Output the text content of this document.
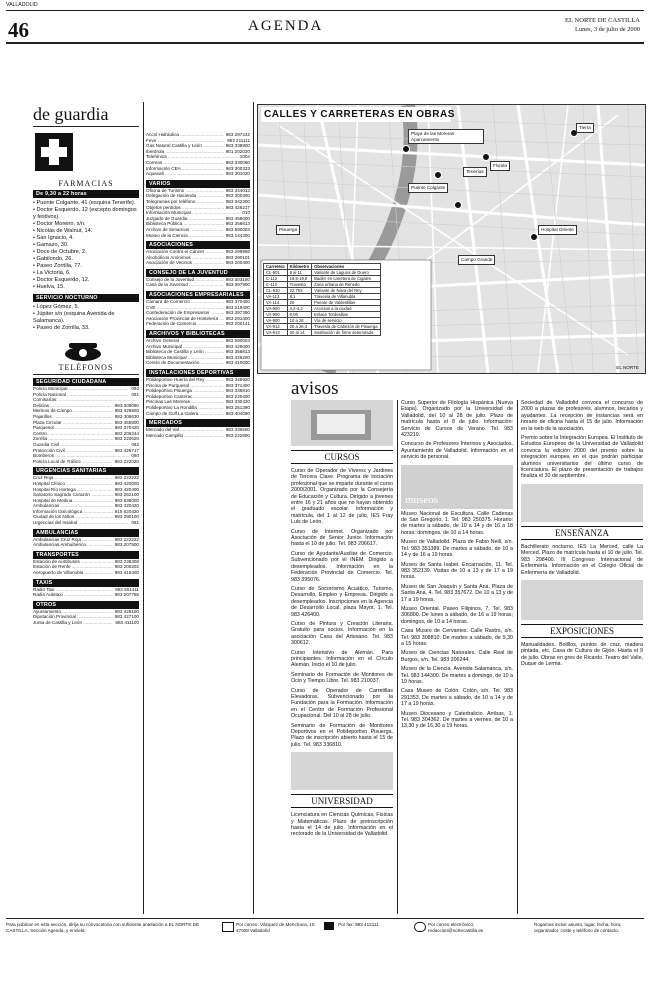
VALLADOLID
46	AGENDA	EL NORTE DE CASTILLA
Lunes, 3 de julio de 2000
de guardia
FARMACIAS
De 9,30 a 22 horas
• Puente Colgante, 41 (esquina Tenerife).
• Doctor Esquerdo, 12 (excepto domingos y festivos).
• Doctor Moreiro, s/n.
• Nicolás de Walnut, 14.
• San Ignacio, 4.
• Gamazo, 30.
• Doce de Octubre, 2.
• Gabilondo, 26.
• Paseo Zorrilla, 77.
• La Victoria, 6.
• Doctor Esquerdo, 12.
• Huelva, 15.
SERVICIO NOCTURNO
• López Gómez, 5.
• Júpiter s/n (esquina Avenida de Salamanca).
• Paseo de Zorrilla, 33.
TELÉFONOS
SEGURIDAD CIUDADANA
Policía Municipal .....	092
Policía Nacional .....	091
Comisarías: .....
Delicias .....	983 309090
Merinos de Campo .....	983 426800
Pajarillos .....	983 306630
Plaza Circular .....	983 455800
Parquesol .....	983 370420
Centro .....	983 206244
Zorrilla .....	983 220620
Guardia Civil .....	062
Protección Civil .....	983 426717
Bomberos .....	080
Policía Local de Tráfico .....	983 222020
URGENCIAS SANITARIAS
Cruz Roja .....	983 222222
Hospital Clínico .....	983 420000
Hospital Río Hortega .....	983 420400
Sanatorio Sagrado Corazón .....	983 262100
Hospital de Medina .....	983 838000
Ambulancias .....	983 420420
Información toxicológica .....	915 620420
Ciudad de los Niños .....	983 290100
Urgencias del Insalud .....	061
AMBULANCIAS
Ambulancias Cruz Roja .....	983 222222
Ambulancias Ambuibérica .....	983 207500
TRANSPORTES
Estación de Autobuses .....	983 236308
Estación de Renfe .....	983 200202
Aeropuerto de Villanubla .....	983 415400
TAXIS
Radio Taxi .....	983 291411
Radio Autotaxi .....	983 207755
OTROS
Ayuntamiento .....	983 426100
Diputación Provincial .....	983 427100
Junta de Castilla y León .....	983 411100
Acció Hidráulica .....	983 297242
Feve .....	983 211111
Gas Natural Castilla y León .....	983 339900
Iberdrola .....	901 202020
Telefónica .....	1004
Correos .....	983 330060
Información CEA .....	983 300333
Aquavall .....	983 301020
VARIOS
Oficina de Turismo .....	983 344013
Delegación de Hacienda .....	983 300300
Telegramas por teléfono .....	983 342300
Objetos perdidos .....	983 426217
Información Municipal .....	010
Juzgado de Guardia .....	983 458000
Biblioteca Pública .....	983 358813
Archivo de Simancas .....	983 590003
Museo de la Ciencia .....	983 144300
ASOCIACIONES
Asociación Contra el Cáncer .....	983 299966
Alcohólicos Anónimos .....	983 290101
Asociación de Vecinos .....	983 200400
CONSEJO DE LA JUVENTUD
Consejo de la Juventud .....	983 303150
Casa de la Juventud .....	983 397900
ASOCIACIONES EMPRESARIALES
Cámara de Comercio .....	983 370400
CVE .....	983 219400
Confederación de Empresarios .....	983 397390
Asociación Provincial de Hostelería .....	983 291400
Federación de Comercio .....	983 200141
ARCHIVOS Y BIBLIOTECAS
Archivo General .....	983 590003
Archivo Municipal .....	983 426000
Biblioteca de Castilla y León .....	983 358813
Biblioteca Municipal .....	983 426200
Centro de Documentación .....	983 410000
INSTALACIONES DEPORTIVAS
Polideportivo Huerta del Rey .....	983 346920
Piscina de Parquesol .....	983 371400
Polideportivo Pisuerga .....	983 336810
Polideportivo Canterac .....	983 220400
Piscinas Las Moreras .....	983 330420
Polideportivo La Rondilla .....	983 251390
Campo de Golf La Galera .....	983 404090
MERCADOS
Mercado del Val .....	983 336500
Mercado Campillo .....	983 222800
CALLES Y CARRETERAS EN OBRAS
Playa de las Moreras Aparcamiento
Florida
Tierra
Hospital Oriente
Pisuerga
Puente Colgante
Campo Grande
Tenerías
Carretera	Kilómetro	Observaciones
CL-601	8 al 11	Variante de Laguna de Duero
C-112	19,5-19,8	Badén en carretera de Cigales
C-112	Travesía	Zona urbana de Renedo
CL-610	22,753	Variante de Nava del Rey
VA-113	8,1	Travesía de Villanubla
VA-114	20	Puente de Valdestillas
VA-900	4,2-4,2	Accesos a la ciudad
VA-900	8,06	Enlace Tordesillas
VA-900	10 a 26	Vía de servicio
VA-912	20 a 26,3	Travesía de Cabezón de Pisuerga
VA-913	20 al 14	Sustitución de firme deteriorado
EL NORTE
avisos
CURSOS

Curso de Operador de Viveros y Jardines de Tercera Clase. Programa de iniciación profesional que se imparte durante el curso 2000/2001. Organizado por la Consejería de Educación y Cultura. Dirigido a jóvenes entre 16 y 21 años que no hayan obtenido el graduado escolar. Información y matrícula, del 1 al 12 de julio, IES Fray Luis de León.

Curso de Internet. Organizado por Asociación de Senior Junior. Información hasta el 10 de julio. Tel. 983 206617.

Curso de Ayudante/Auxiliar de Comercio. Subvencionado por el INEM. Dirigido a desempleados. Información en la Federación Provincial de Comercio. Tel. 983 395076.

Curso de Socorrismo Acuático, Turismo, Desarrollo, Empleo y Empresa. Dirigido a desempleados. Inscripciones en la Agencia de Desarrollo Local, plaza Mayor, 1. Tel. 983 426400.

Curso de Pintura y Creación Literaria. Gratuito para socios. Información en la asociación Casa del Artesano. Tel. 983 300612.

Curso Intensivo de Alemán. Para principiantes. Información en el Círculo Alemán. Inicio el 10 de julio.

Seminario de Formación de Monitores de Ocio y Tiempo Libre. Tel. 983 210037.

Curso de Operador de Carretillas Elevadoras. Subvencionado por la Fundación para la Formación. Información en el Centro de Formación Profesional Ocupacional. Del 10 al 28 de julio.

Seminario de Formación de Monitores Deportivos en el Polideportivo Pisuerga. Plazo de inscripción abierto hasta el 15 de julio. Tel. 983 336810.

UNIVERSIDAD

Licenciatura en Ciencias Químicas, Físicas y Matemáticas. Plazo de preinscripción hasta el 14 de julio. Información en el rectorado de la Universidad de Valladolid.

Curso Superior de Filología Hispánica (Nueva Etapa). Organizado por la Universidad de Valladolid, del 10 al 28 de julio. Plazo de matrícula hasta el 8 de julio. Información: Servicio de Cursos de Verano. Tel. 983 423219.

Concurso de Profesores Interinos y Asociados. Ayuntamiento de Valladolid. Información en el servicio de personal.

museos

Museo Nacional de Escultura. Calle Cadenas de San Gregorio, 1. Tel. 983 250375. Horario: de martes a sábado, de 10 a 14 y de 16 a 18 horas; domingos, de 10 a 14 horas.

Museo de Valladolid. Plaza de Fabio Nelli, s/n. Tel. 983 351389. De martes a sábado, de 10 a 14 y de 16 a 19 horas.

Museo de Santa Isabel. Encarnación, 11. Tel. 983 352139. Visitas de 10 a 13 y de 17 a 19 horas.

Museo de San Joaquín y Santa Ana. Plaza de Santa Ana, 4. Tel. 983 357672. De 10 a 13 y de 17 a 19 horas.

Museo Oriental. Paseo Filipinos, 7. Tel. 983 306800. De lunes a sábado, de 16 a 19 horas; domingos, de 10 a 14 horas.

Casa Museo de Cervantes. Calle Rastro, s/n. Tel. 983 308810. De martes a sábado, de 9,30 a 15 horas.

Museo de Ciencias Naturales. Calle Real de Burgos, s/n. Tel. 983 206244.

Museo de la Ciencia. Avenida Salamanca, s/n. Tel. 983 144300. De martes a domingo, de 10 a 19 horas.

Casa Museo de Colón. Colón, s/n. Tel. 983 291353. De martes a sábado, de 10 a 14 y de 17 a 19 horas.

Museo Diocesano y Catedralicio. Arribas, 1. Tel. 983 304362. De martes a viernes, de 10 a 13,30 y de 16,30 a 19 horas.

Sociedad de Valladolid convoca el concurso de 2000 a plazas de profesores, alumnos, becarios y ayudantes. La recepción de instancias será en horario de oficina hasta el 15 de julio. Información en la web de la asociación.

Premio sobre la Integración Europea. El Instituto de Estudios Europeos de la Universidad de Valladolid convoca la edición 2000 del premio sobre la integración europea en el que podrán participar alumnos universitarios del último curso de licenciatura. El plazo de presentación de trabajos finaliza el 30 de septiembre.

ENSEÑANZA

Bachillerato nocturno. IES La Merced, calle La Merced. Plazo de matrícula hasta el 10 de julio. Tel. 983 298400. III Congreso Internacional de Enfermería. Información en el Colegio Oficial de Enfermería de Valladolid.

EXPOSICIONES

Manualidades. Bolillos, puntos de cruz, madera pintada, etc. Casa de Cultura de Gijón. Hasta el 9 de julio. Obras en gres de Ricardo. Teatro del Valle, Duque de Lerma.

Para publicar en esta sección, dirija su convocatoria con suficiente antelación a EL NORTE DE CASTILLA, Sección Agenda, y envíela:
Por correo: Vázquez de Menchaca, 10. 47008 Valladolid
Por fax: 983 412111	Por correo electrónico: redaccion@nortecastilla.es
Rogamos incluir asunto, lugar, fecha, hora, organizador, coste y teléfono de contacto.
